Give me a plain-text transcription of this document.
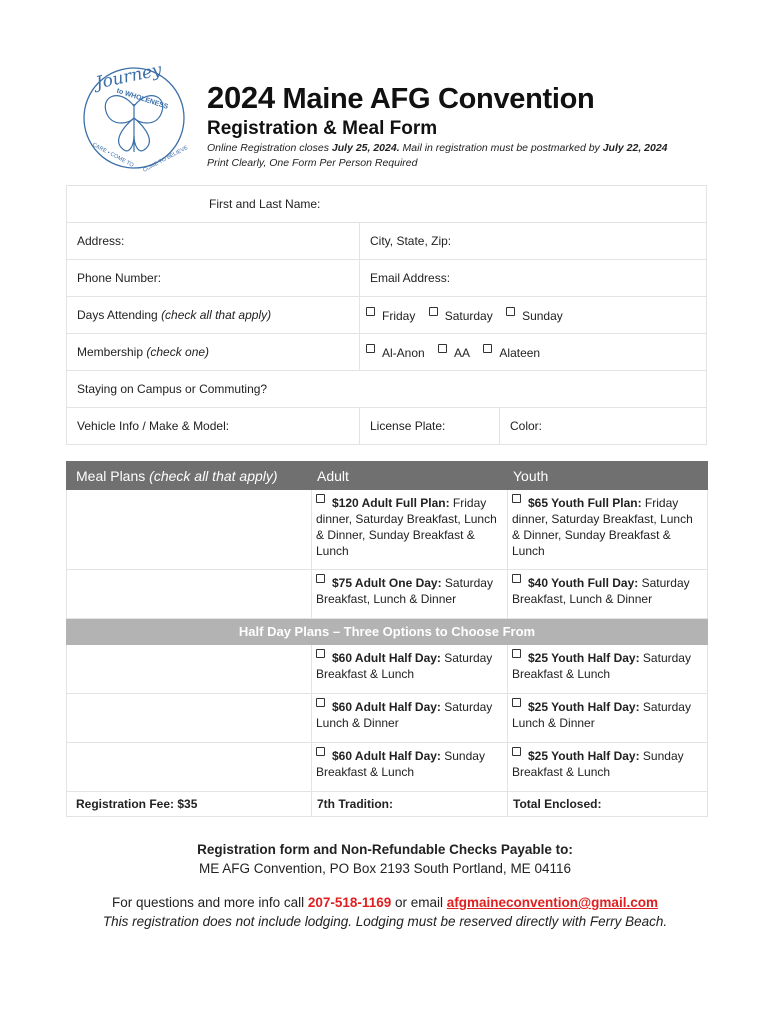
Journey
to WHOLENESS
CARE • COME TO COME TO BELIEVE
2024 Maine AFG Convention
Registration & Meal Form
Online Registration closes July 25, 2024. Mail in registration must be postmarked by July 22, 2024
Print Clearly, One Form Per Person Required
First and Last Name:		
Address:	City, State, Zip:	
Phone Number:	Email Address:	
Days Attending (check all that apply)	Friday Saturday Sunday	
Membership (check one)	Al-Anon AA Alateen	
Staying on Campus or Commuting?		
Vehicle Info / Make & Model:	License Plate:	Color:
Meal Plans (check all that apply)	Adult	Youth
	$120 Adult Full Plan: Friday dinner, Saturday Breakfast, Lunch & Dinner, Sunday Breakfast & Lunch	$65 Youth Full Plan: Friday dinner, Saturday Breakfast, Lunch & Dinner, Sunday Breakfast & Lunch
	$75 Adult One Day: Saturday Breakfast, Lunch & Dinner	$40 Youth Full Day: Saturday Breakfast, Lunch & Dinner
Half Day Plans – Three Options to Choose From		
	$60 Adult Half Day: Saturday Breakfast & Lunch	$25 Youth Half Day: Saturday Breakfast & Lunch
	$60 Adult Half Day: Saturday Lunch & Dinner	$25 Youth Half Day: Saturday Lunch & Dinner
	$60 Adult Half Day: Sunday Breakfast & Lunch	$25 Youth Half Day: Sunday Breakfast & Lunch
Registration Fee: $35	7th Tradition:	Total Enclosed:
Registration form and Non-Refundable Checks Payable to:
ME AFG Convention, PO Box 2193 South Portland, ME 04116
For questions and more info call 207-518-1169 or email afgmaineconvention@gmail.com
This registration does not include lodging. Lodging must be reserved directly with Ferry Beach.
